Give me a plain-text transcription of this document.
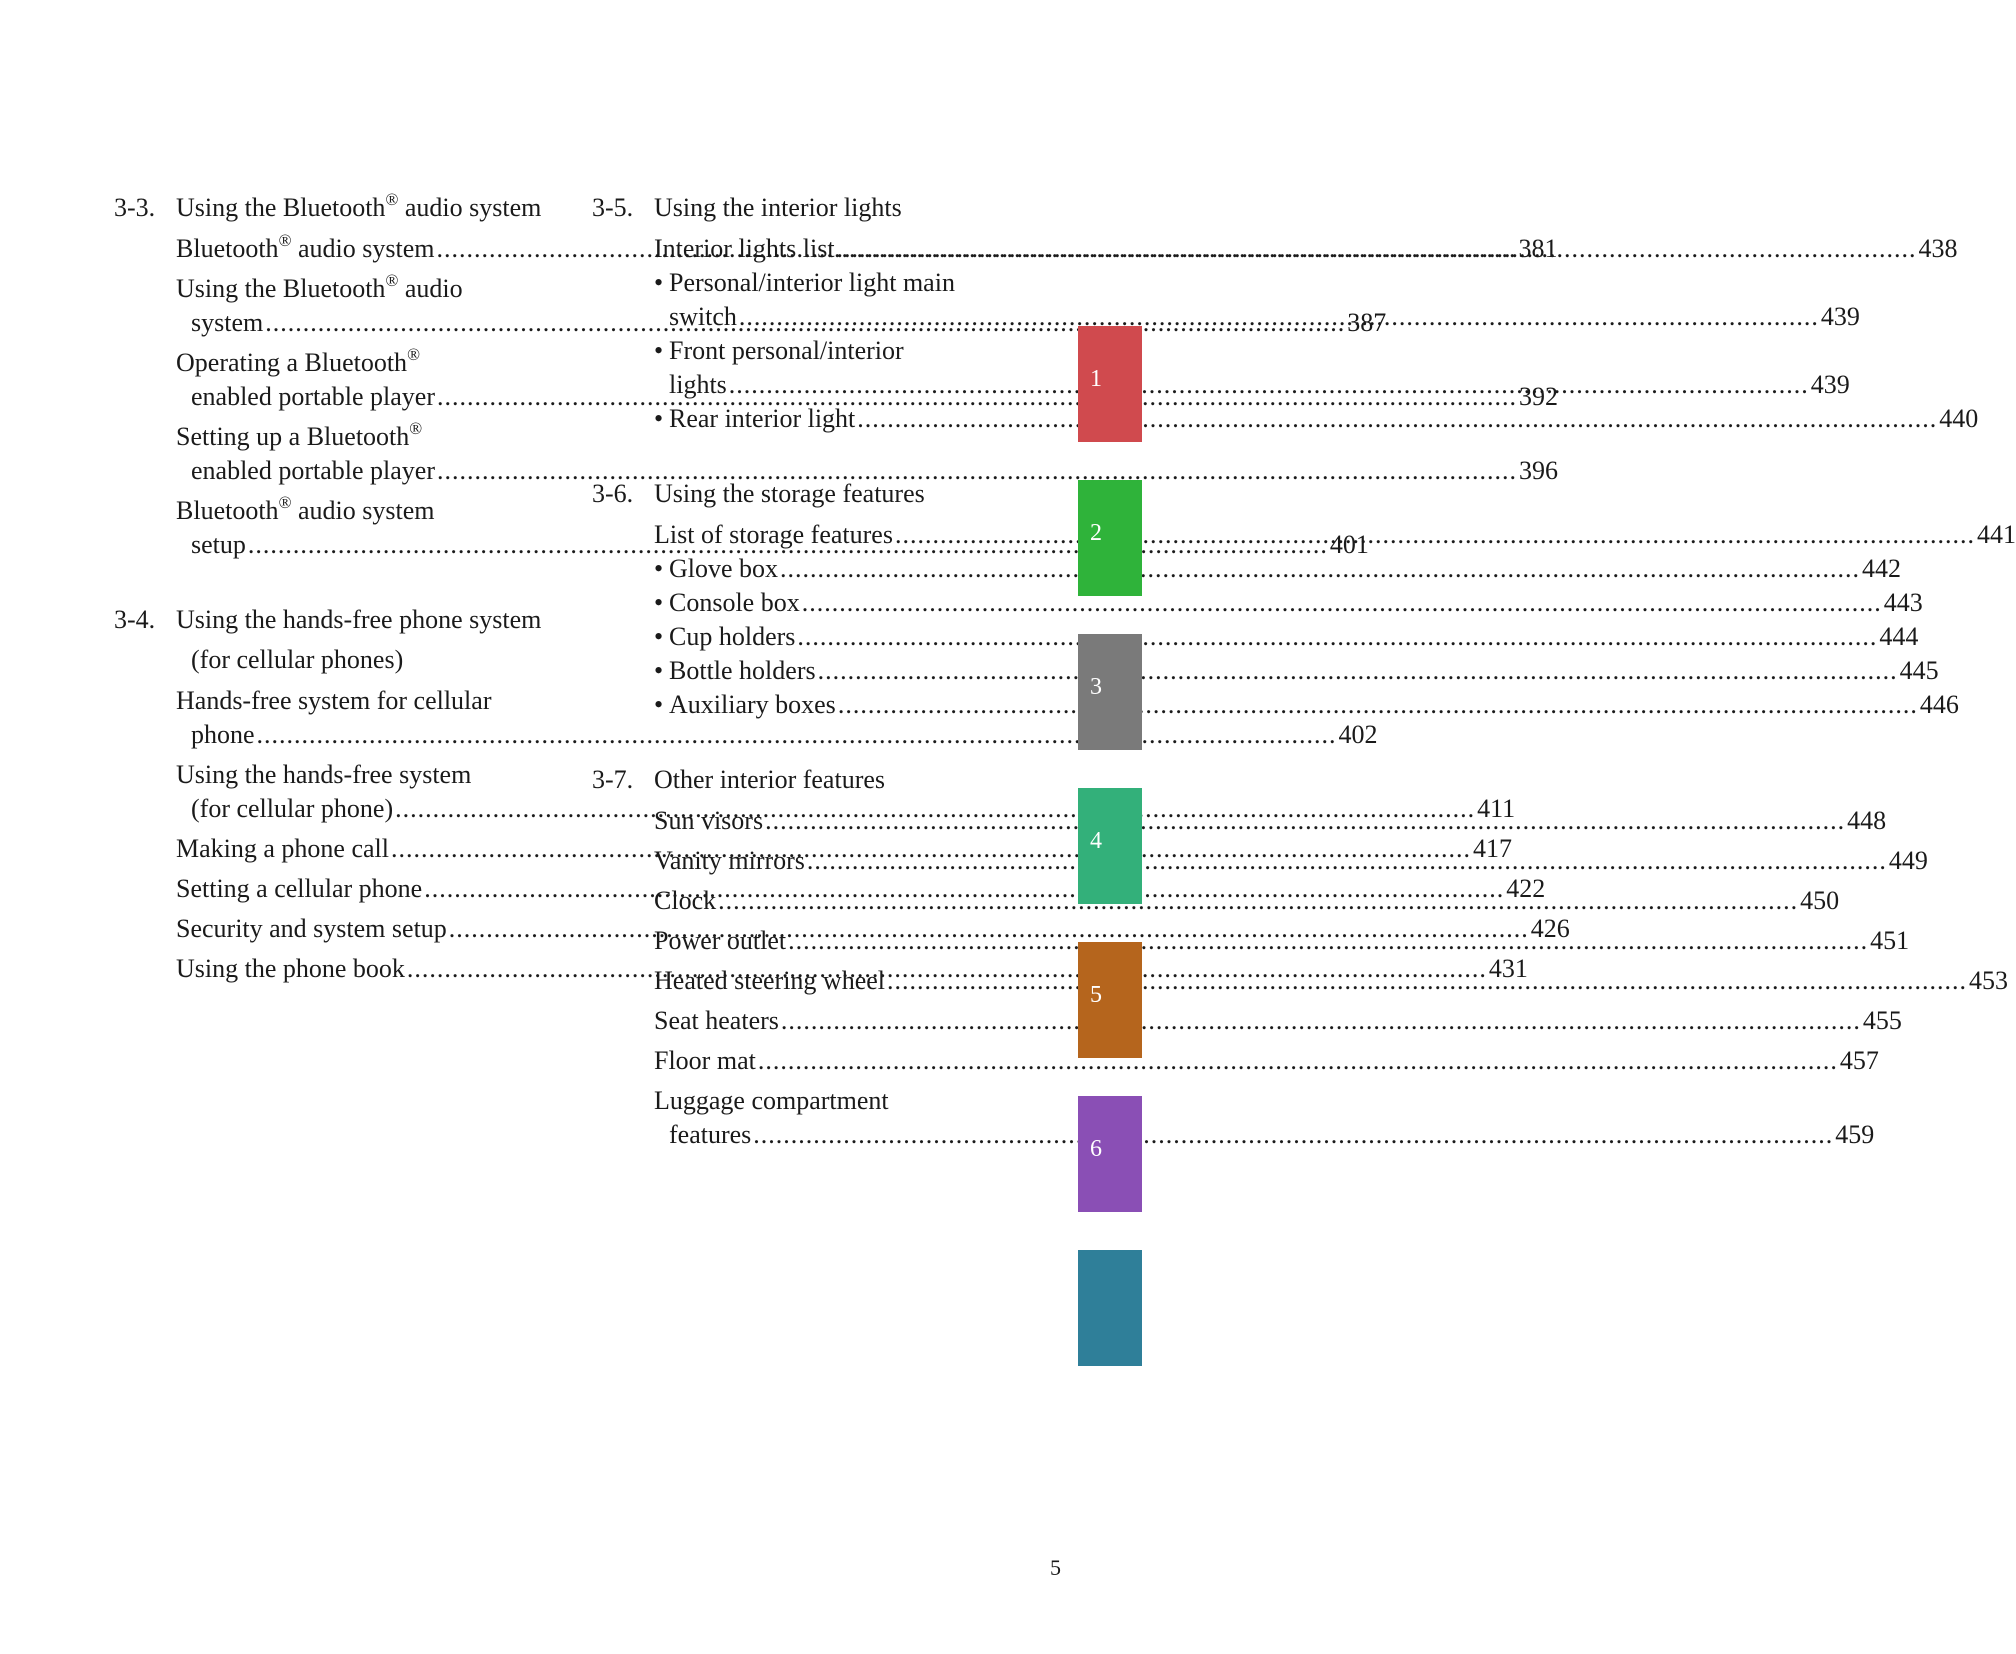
3-3. Using the Bluetooth® audio system
Bluetooth® audio system .....	381
Using the Bluetooth® audio
system .....	387
Operating a Bluetooth®
enabled portable player .....	392
Setting up a Bluetooth®
enabled portable player .....	396
Bluetooth® audio system
setup .....	401
3-4. Using the hands-free phone system (for cellular phones)
Hands-free system for cellular
phone .....	402
Using the hands-free system
(for cellular phone) .....	411
Making a phone call .....	417
Setting a cellular phone .....	422
Security and system setup .....	426
Using the phone book .....	431
3-5. Using the interior lights
Interior lights list .....	438
• Personal/interior light main
switch .....	439
• Front personal/interior
lights .....	439
• Rear interior light .....	440
3-6. Using the storage features
List of storage features .....	441
• Glove box .....	442
• Console box .....	443
• Cup holders .....	444
• Bottle holders .....	445
• Auxiliary boxes .....	446
3-7. Other interior features
Sun visors .....	448
Vanity mirrors .....	449
Clock .....	450
Power outlet .....	451
Heated steering wheel .....	453
Seat heaters .....	455
Floor mat .....	457
Luggage compartment
features .....	459
1
2
3
4
5
6
5
